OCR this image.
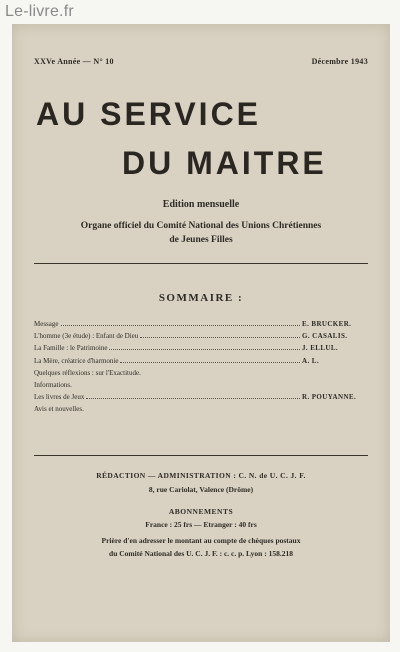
Le-livre.fr
XXVe Année — N° 10	Décembre 1943
AU SERVICE
DU MAITRE
Edition mensuelle
Organe officiel du Comité National des Unions Chrétiennes
de Jeunes Filles
SOMMAIRE :
Message	E. BRUCKER.
L'homme (3e étude) : Enfant de Dieu	G. CASALIS.
La Famille : le Patrimoine	J. ELLUL.
La Mère, créatrice d'harmonie	A. L.
Quelques réflexions : sur l'Exactitude.
Informations.
Les livres de Jeux	R. POUYANNE.
Avis et nouvelles.
RÉDACTION — ADMINISTRATION : C. N. de U. C. J. F.
8, rue Cariolat, Valence (Drôme)
ABONNEMENTS
France : 25 frs — Etranger : 40 frs
Prière d'en adresser le montant au compte de chèques postaux
du Comité National des U. C. J. F. : c. c. p. Lyon : 158.218
